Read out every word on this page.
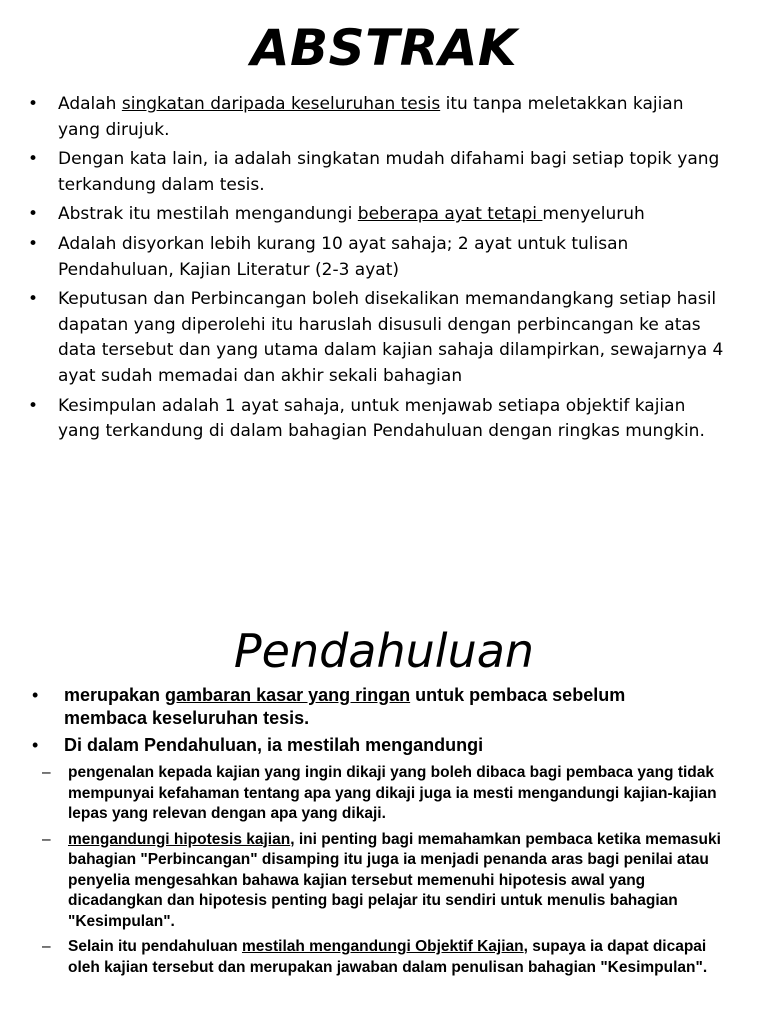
ABSTRAK
• Adalah singkatan daripada keseluruhan tesis itu tanpa meletakkan kajian yang dirujuk.
• Dengan kata lain, ia adalah singkatan mudah difahami bagi setiap topik yang terkandung dalam tesis.
• Abstrak itu mestilah mengandungi beberapa ayat tetapi menyeluruh
• Adalah disyorkan lebih kurang 10 ayat sahaja; 2 ayat untuk tulisan Pendahuluan, Kajian Literatur (2-3 ayat)
• Keputusan dan Perbincangan boleh disekalikan memandangkang setiap hasil dapatan yang diperolehi itu haruslah disusuli dengan perbincangan ke atas data tersebut dan yang utama dalam kajian sahaja dilampirkan, sewajarnya 4 ayat sudah memadai dan akhir sekali bahagian
• Kesimpulan adalah 1 ayat sahaja, untuk menjawab setiapa objektif kajian yang terkandung di dalam bahagian Pendahuluan dengan ringkas mungkin.
Pendahuluan
• merupakan gambaran kasar yang ringan untuk pembaca sebelum membaca keseluruhan tesis.
• Di dalam Pendahuluan, ia mestilah mengandungi
– pengenalan kepada kajian yang ingin dikaji yang boleh dibaca bagi pembaca yang tidak mempunyai kefahaman tentang apa yang dikaji juga ia mesti mengandungi kajian-kajian lepas yang relevan dengan apa yang dikaji.
– mengandungi hipotesis kajian, ini penting bagi memahamkan pembaca ketika memasuki bahagian "Perbincangan" disamping itu juga ia menjadi penanda aras bagi penilai atau penyelia mengesahkan bahawa kajian tersebut memenuhi hipotesis awal yang dicadangkan dan hipotesis penting bagi pelajar itu sendiri untuk menulis bahagian "Kesimpulan".
– Selain itu pendahuluan mestilah mengandungi Objektif Kajian, supaya ia dapat dicapai oleh kajian tersebut dan merupakan jawaban dalam penulisan bahagian "Kesimpulan".
